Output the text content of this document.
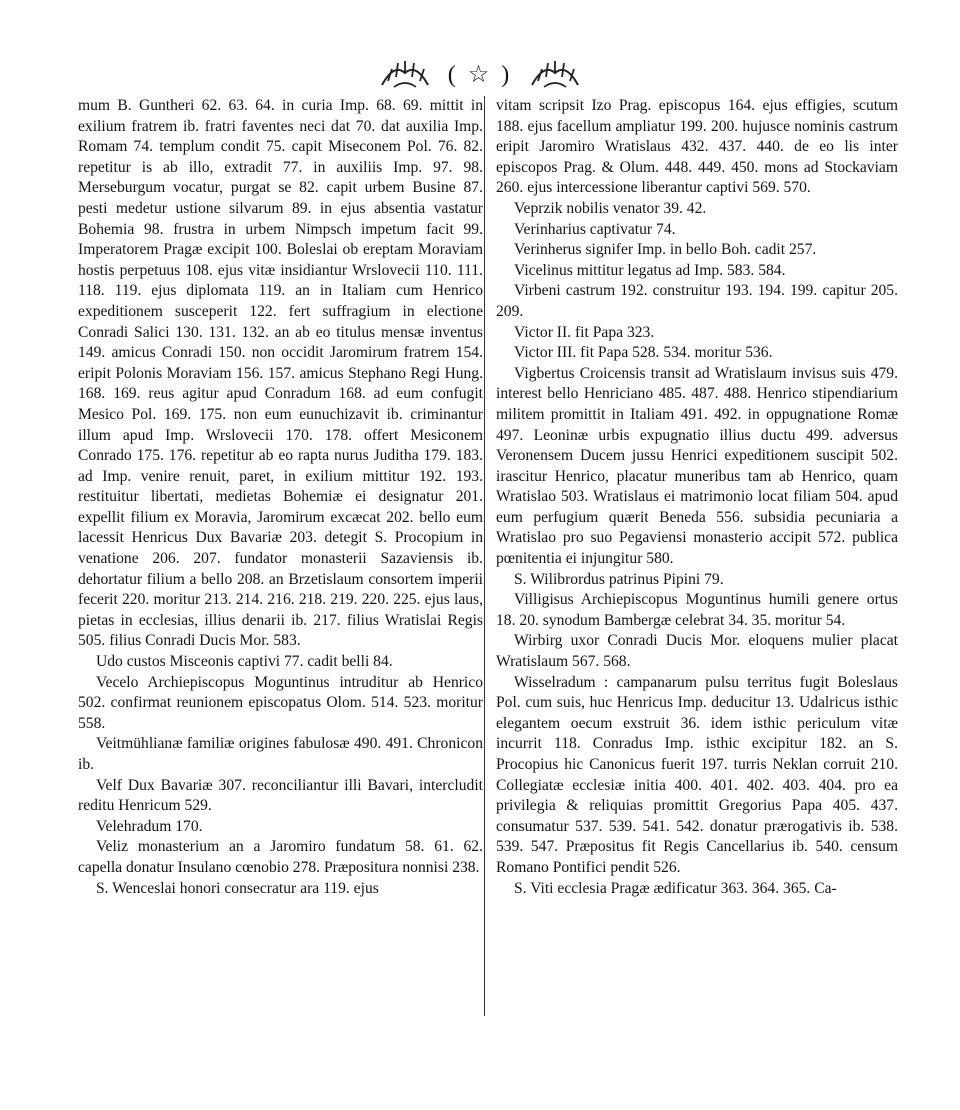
( ☆ )

mum B. Guntheri 62. 63. 64. in curia Imp. 68. 69. mittit in exilium fratrem ib. fratri faventes neci dat 70. dat auxilia Imp. Romam 74. templum condit 75. capit Miseconem Pol. 76. 82. repetitur is ab illo, extradit 77. in auxiliis Imp. 97. 98. Merseburgum vocatur, purgat se 82. capit urbem Busine 87. pesti medetur ustione silvarum 89. in ejus absentia vastatur Bohemia 98. frustra in urbem Nimpsch impetum facit 99. Imperatorem Pragæ excipit 100. Boleslai ob ereptam Moraviam hostis perpetuus 108. ejus vitæ insidiantur Wrslovecii 110. 111. 118. 119. ejus diplomata 119. an in Italiam cum Henrico expeditionem susceperit 122. fert suffragium in electione Conradi Salici 130. 131. 132. an ab eo titulus mensæ inventus 149. amicus Conradi 150. non occidit Jaromirum fratrem 154. eripit Polonis Moraviam 156. 157. amicus Stephano Regi Hung. 168. 169. reus agitur apud Conradum 168. ad eum confugit Mesico Pol. 169. 175. non eum eunuchizavit ib. criminantur illum apud Imp. Wrslovecii 170. 178. offert Mesiconem Conrado 175. 176. repetitur ab eo rapta nurus Juditha 179. 183. ad Imp. venire renuit, paret, in exilium mittitur 192. 193. restituitur libertati, medietas Bohemiæ ei designatur 201. expellit filium ex Moravia, Jaromirum excæcat 202. bello eum lacessit Henricus Dux Bavariæ 203. detegit S. Procopium in venatione 206. 207. fundator monasterii Sazaviensis ib. dehortatur filium a bello 208. an Brzetislaum consortem imperii fecerit 220. moritur 213. 214. 216. 218. 219. 220. 225. ejus laus, pietas in ecclesias, illius denarii ib. 217. filius Wratislai Regis 505. filius Conradi Ducis Mor. 583.

Udo custos Misceonis captivi 77. cadit belli 84.

Vecelo Archiepiscopus Moguntinus intruditur ab Henrico 502. confirmat reunionem episcopatus Olom. 514. 523. moritur 558.

Veitmühlianæ familiæ origines fabulosæ 490. 491. Chronicon ib.

Velf Dux Bavariæ 307. reconciliantur illi Bavari, intercludit reditu Henricum 529.

Velehradum 170.

Veliz monasterium an a Jaromiro fundatum 58. 61. 62. capella donatur Insulano cœnobio 278. Præpositura nonnisi 238.

S. Wenceslai honori consecratur ara 119. ejus

vitam scripsit Izo Prag. episcopus 164. ejus effigies, scutum 188. ejus facellum ampliatur 199. 200. hujusce nominis castrum eripit Jaromiro Wratislaus 432. 437. 440. de eo lis inter episcopos Prag. & Olum. 448. 449. 450. mons ad Stockaviam 260. ejus intercessione liberantur captivi 569. 570.

Veprzik nobilis venator 39. 42.

Verinharius captivatur 74.

Verinherus signifer Imp. in bello Boh. cadit 257.

Vicelinus mittitur legatus ad Imp. 583. 584.

Virbeni castrum 192. construitur 193. 194. 199. capitur 205. 209.

Victor II. fit Papa 323.

Victor III. fit Papa 528. 534. moritur 536.

Vigbertus Croicensis transit ad Wratislaum invisus suis 479. interest bello Henriciano 485. 487. 488. Henrico stipendiarium militem promittit in Italiam 491. 492. in oppugnatione Romæ 497. Leoninæ urbis expugnatio illius ductu 499. adversus Veronensem Ducem jussu Henrici expeditionem suscipit 502. irascitur Henrico, placatur muneribus tam ab Henrico, quam Wratislao 503. Wratislaus ei matrimonio locat filiam 504. apud eum perfugium quærit Beneda 556. subsidia pecuniaria a Wratislao pro suo Pegaviensi monasterio accipit 572. publica pœnitentia ei injungitur 580.

S. Wilibrordus patrinus Pipini 79.

Villigisus Archiepiscopus Moguntinus humili genere ortus 18. 20. synodum Bambergæ celebrat 34. 35. moritur 54.

Wirbirg uxor Conradi Ducis Mor. eloquens mulier placat Wratislaum 567. 568.

Wisselradum : campanarum pulsu territus fugit Boleslaus Pol. cum suis, huc Henricus Imp. deducitur 13. Udalricus isthic elegantem oecum exstruit 36. idem isthic periculum vitæ incurrit 118. Conradus Imp. isthic excipitur 182. an S. Procopius hic Canonicus fuerit 197. turris Neklan corruit 210. Collegiatæ ecclesiæ initia 400. 401. 402. 403. 404. pro ea privilegia & reliquias promittit Gregorius Papa 405. 437. consumatur 537. 539. 541. 542. donatur prærogativis ib. 538. 539. 547. Præpositus fit Regis Cancellarius ib. 540. censum Romano Pontifici pendit 526.

S. Viti ecclesia Pragæ ædificatur 363. 364. 365. Ca-
